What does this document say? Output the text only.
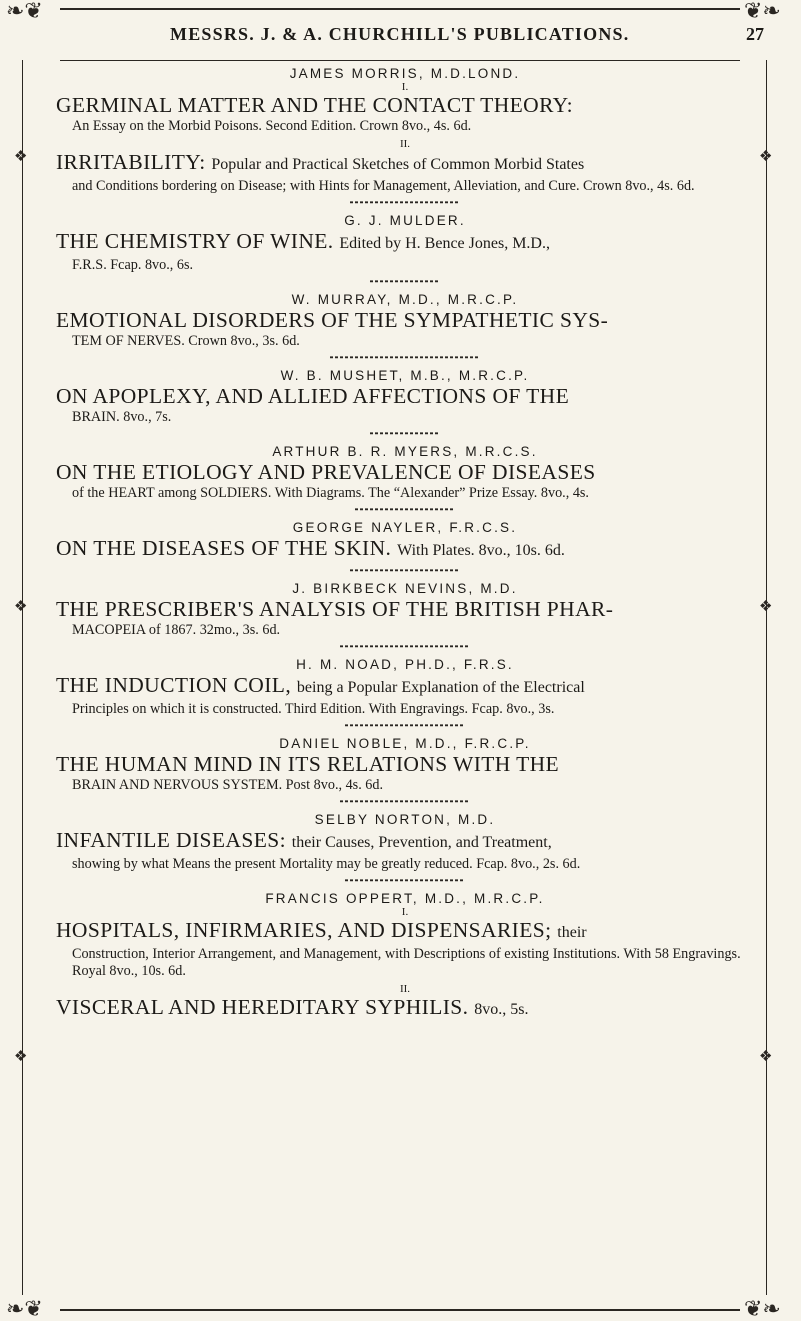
❧❦	❦❧
❧❦	❦❧
❖
❖
❖
❖
❖
❖
MESSRS. J. & A. CHURCHILL'S PUBLICATIONS.	27

JAMES MORRIS, M.D.LOND.

I.

GERMINAL MATTER AND THE CONTACT THEORY:

An Essay on the Morbid Poisons. Second Edition. Crown 8vo., 4s. 6d.

II.

IRRITABILITY: Popular and Practical Sketches of Common Morbid States

and Conditions bordering on Disease; with Hints for Management, Alleviation, and Cure. Crown 8vo., 4s. 6d.

G. J. MULDER.

THE CHEMISTRY OF WINE. Edited by H. Bence Jones, M.D.,

F.R.S. Fcap. 8vo., 6s.

W. MURRAY, M.D., M.R.C.P.

EMOTIONAL DISORDERS OF THE SYMPATHETIC SYS-

TEM OF NERVES. Crown 8vo., 3s. 6d.

W. B. MUSHET, M.B., M.R.C.P.

ON APOPLEXY, AND ALLIED AFFECTIONS OF THE

BRAIN. 8vo., 7s.

ARTHUR B. R. MYERS, M.R.C.S.

ON THE ETIOLOGY AND PREVALENCE OF DISEASES

of the HEART among SOLDIERS. With Diagrams. The “Alexander” Prize Essay. 8vo., 4s.

GEORGE NAYLER, F.R.C.S.

ON THE DISEASES OF THE SKIN. With Plates. 8vo., 10s. 6d.

J. BIRKBECK NEVINS, M.D.

THE PRESCRIBER'S ANALYSIS OF THE BRITISH PHAR-

MACOPEIA of 1867. 32mo., 3s. 6d.

H. M. NOAD, PH.D., F.R.S.

THE INDUCTION COIL, being a Popular Explanation of the Electrical

Principles on which it is constructed. Third Edition. With Engravings. Fcap. 8vo., 3s.

DANIEL NOBLE, M.D., F.R.C.P.

THE HUMAN MIND IN ITS RELATIONS WITH THE

BRAIN AND NERVOUS SYSTEM. Post 8vo., 4s. 6d.

SELBY NORTON, M.D.

INFANTILE DISEASES: their Causes, Prevention, and Treatment,

showing by what Means the present Mortality may be greatly reduced. Fcap. 8vo., 2s. 6d.

FRANCIS OPPERT, M.D., M.R.C.P.

I.

HOSPITALS, INFIRMARIES, AND DISPENSARIES; their

Construction, Interior Arrangement, and Management, with Descriptions of existing Institutions. With 58 Engravings. Royal 8vo., 10s. 6d.

II.

VISCERAL AND HEREDITARY SYPHILIS. 8vo., 5s.
